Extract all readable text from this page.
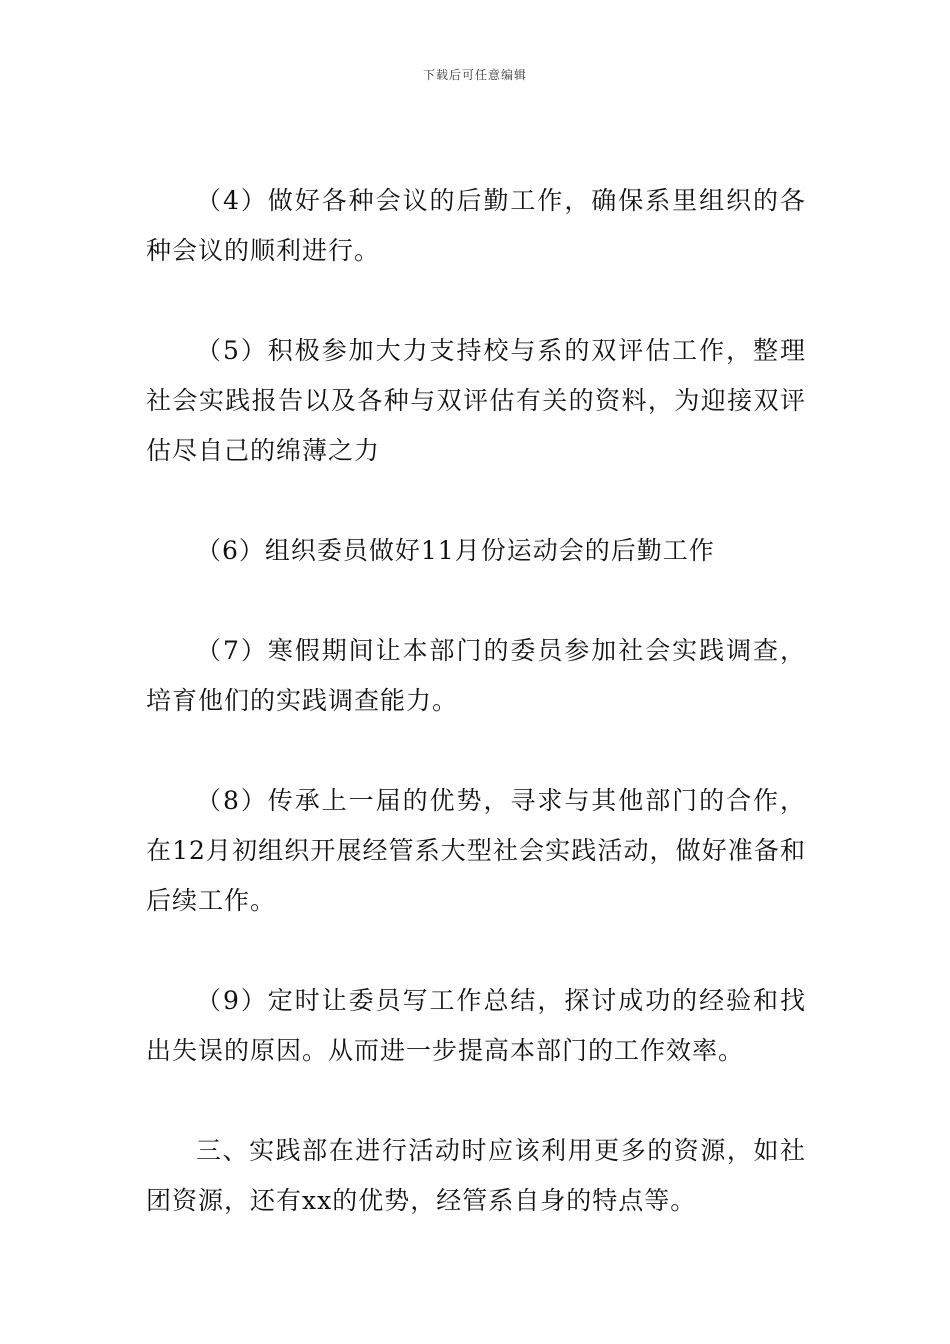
下载后可任意编辑

（4）做好各种会议的后勤工作，确保系里组织的各种会议的顺利进行。

（5）积极参加大力支持校与系的双评估工作，整理社会实践报告以及各种与双评估有关的资料，为迎接双评估尽自己的绵薄之力

（6）组织委员做好11月份运动会的后勤工作

（7）寒假期间让本部门的委员参加社会实践调查，培育他们的实践调查能力。

（8）传承上一届的优势，寻求与其他部门的合作，在12月初组织开展经管系大型社会实践活动，做好准备和后续工作。

（9）定时让委员写工作总结，探讨成功的经验和找出失误的原因。从而进一步提高本部门的工作效率。

三、实践部在进行活动时应该利用更多的资源，如社团资源，还有xx的优势，经管系自身的特点等。
